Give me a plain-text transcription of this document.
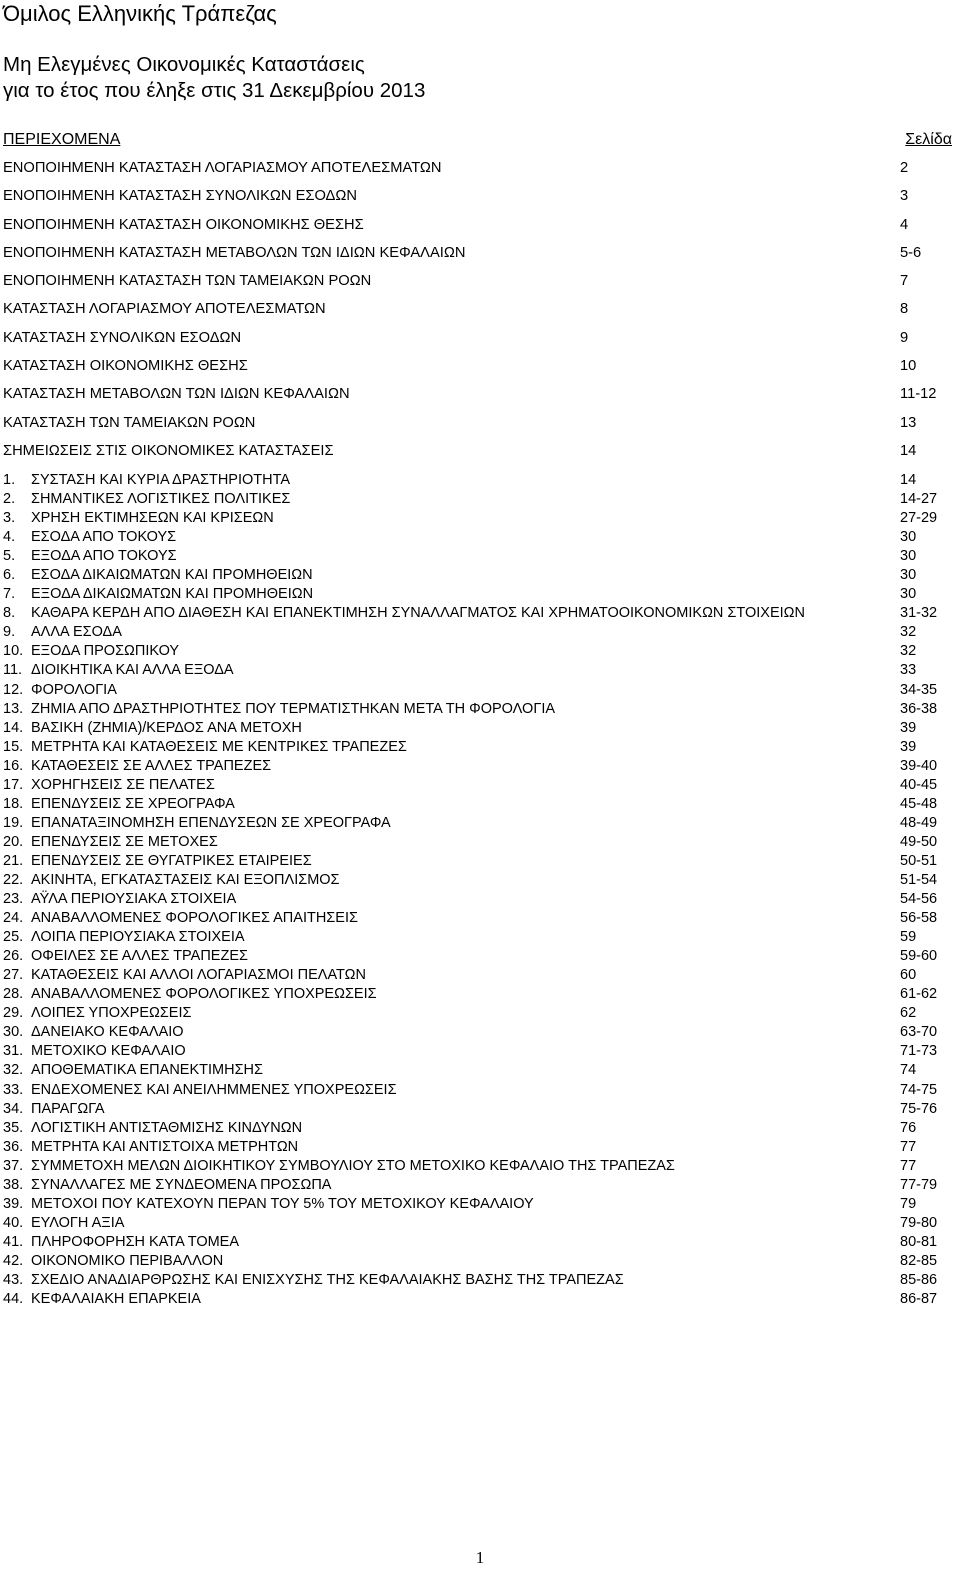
Όμιλος Ελληνικής Τράπεζας
Μη Ελεγμένες Οικονομικές Καταστάσεις
για το έτος που έληξε στις 31 Δεκεμβρίου 2013
ΠΕΡΙΕΧΟΜΕΝΑ	Σελίδα
ΕΝΟΠΟΙΗΜΕΝΗ ΚΑΤΑΣΤΑΣΗ ΛΟΓΑΡΙΑΣΜΟΥ ΑΠΟΤΕΛΕΣΜΑΤΩΝ	2
ΕΝΟΠΟΙΗΜΕΝΗ ΚΑΤΑΣΤΑΣΗ ΣΥΝΟΛΙΚΩΝ ΕΣΟΔΩΝ	3
ΕΝΟΠΟΙΗΜΕΝΗ ΚΑΤΑΣΤΑΣΗ ΟΙΚΟΝΟΜΙΚΗΣ ΘΕΣΗΣ	4
ΕΝΟΠΟΙΗΜΕΝΗ ΚΑΤΑΣΤΑΣΗ ΜΕΤΑΒΟΛΩΝ ΤΩΝ ΙΔΙΩΝ ΚΕΦΑΛΑΙΩΝ	5-6
ΕΝΟΠΟΙΗΜΕΝΗ ΚΑΤΑΣΤΑΣΗ ΤΩΝ ΤΑΜΕΙΑΚΩΝ ΡΟΩΝ	7
ΚΑΤΑΣΤΑΣΗ ΛΟΓΑΡΙΑΣΜΟΥ ΑΠΟΤΕΛΕΣΜΑΤΩΝ	8
ΚΑΤΑΣΤΑΣΗ ΣΥΝΟΛΙΚΩΝ ΕΣΟΔΩΝ	9
ΚΑΤΑΣΤΑΣΗ ΟΙΚΟΝΟΜΙΚΗΣ ΘΕΣΗΣ	10
ΚΑΤΑΣΤΑΣΗ ΜΕΤΑΒΟΛΩΝ ΤΩΝ ΙΔΙΩΝ ΚΕΦΑΛΑΙΩΝ	11-12
ΚΑΤΑΣΤΑΣΗ ΤΩΝ ΤΑΜΕΙΑΚΩΝ ΡΟΩΝ	13
ΣΗΜΕΙΩΣΕΙΣ ΣΤΙΣ ΟΙΚΟΝΟΜΙΚΕΣ ΚΑΤΑΣΤΑΣΕΙΣ	14
1. ΣΥΣΤΑΣΗ ΚΑΙ ΚΥΡΙΑ ΔΡΑΣΤΗΡΙΟΤΗΤΑ	14
2. ΣΗΜΑΝΤΙΚΕΣ ΛΟΓΙΣΤΙΚΕΣ ΠΟΛΙΤΙΚΕΣ	14-27
3. ΧΡΗΣΗ ΕΚΤΙΜΗΣΕΩΝ ΚΑΙ ΚΡΙΣΕΩΝ	27-29
4. ΕΣΟΔΑ ΑΠΟ ΤΟΚΟΥΣ	30
5. ΕΞΟΔΑ ΑΠΟ ΤΟΚΟΥΣ	30
6. ΕΣΟΔΑ ΔΙΚΑΙΩΜΑΤΩΝ ΚΑΙ ΠΡΟΜΗΘΕΙΩΝ	30
7. ΕΞΟΔΑ ΔΙΚΑΙΩΜΑΤΩΝ ΚΑΙ ΠΡΟΜΗΘΕΙΩΝ	30
8. ΚΑΘΑΡΑ ΚΕΡΔΗ ΑΠΟ ΔΙΑΘΕΣΗ ΚΑΙ ΕΠΑΝΕΚΤΙΜΗΣΗ ΣΥΝΑΛΛΑΓΜΑΤΟΣ ΚΑΙ ΧΡΗΜΑΤΟΟΙΚΟΝΟΜΙΚΩΝ ΣΤΟΙΧΕΙΩΝ	31-32
9. ΑΛΛΑ ΕΣΟΔΑ	32
10. ΕΞΟΔΑ ΠΡΟΣΩΠΙΚΟΥ	32
11. ΔΙΟΙΚΗΤΙΚΑ ΚΑΙ ΑΛΛΑ ΕΞΟΔΑ	33
12. ΦΟΡΟΛΟΓΙΑ	34-35
13. ΖΗΜΙΑ ΑΠΟ ΔΡΑΣΤΗΡΙΟΤΗΤΕΣ ΠΟΥ ΤΕΡΜΑΤΙΣΤΗΚΑΝ ΜΕΤΑ ΤΗ ΦΟΡΟΛΟΓΙΑ	36-38
14. ΒΑΣΙΚΗ (ΖΗΜΙΑ)/ΚΕΡΔΟΣ ΑΝΑ ΜΕΤΟΧΗ	39
15. ΜΕΤΡΗΤΑ ΚΑΙ ΚΑΤΑΘΕΣΕΙΣ ΜΕ ΚΕΝΤΡΙΚΕΣ ΤΡΑΠΕΖΕΣ	39
16. ΚΑΤΑΘΕΣΕΙΣ ΣΕ ΑΛΛΕΣ ΤΡΑΠΕΖΕΣ	39-40
17. ΧΟΡΗΓΗΣΕΙΣ ΣΕ ΠΕΛΑΤΕΣ	40-45
18. ΕΠΕΝΔΥΣΕΙΣ ΣΕ ΧΡΕΟΓΡΑΦΑ	45-48
19. ΕΠΑΝΑΤΑΞΙΝΟΜΗΣΗ ΕΠΕΝΔΥΣΕΩΝ ΣΕ ΧΡΕΟΓΡΑΦΑ	48-49
20. ΕΠΕΝΔΥΣΕΙΣ ΣΕ ΜΕΤΟΧΕΣ	49-50
21. ΕΠΕΝΔΥΣΕΙΣ ΣΕ ΘΥΓΑΤΡΙΚΕΣ ΕΤΑΙΡΕΙΕΣ	50-51
22. ΑΚΙΝΗΤΑ, ΕΓΚΑΤΑΣΤΑΣΕΙΣ ΚΑΙ ΕΞΟΠΛΙΣΜΟΣ	51-54
23. ΑΫΛΑ ΠΕΡΙΟΥΣΙΑΚΑ ΣΤΟΙΧΕΙΑ	54-56
24. ΑΝΑΒΑΛΛΟΜΕΝΕΣ ΦΟΡΟΛΟΓΙΚΕΣ ΑΠΑΙΤΗΣΕΙΣ	56-58
25. ΛΟΙΠΑ ΠΕΡΙΟΥΣΙΑΚΑ ΣΤΟΙΧΕΙΑ	59
26. ΟΦΕΙΛΕΣ ΣΕ ΑΛΛΕΣ ΤΡΑΠΕΖΕΣ	59-60
27. ΚΑΤΑΘΕΣΕΙΣ ΚΑΙ ΑΛΛΟΙ ΛΟΓΑΡΙΑΣΜΟΙ ΠΕΛΑΤΩΝ	60
28. ΑΝΑΒΑΛΛΟΜΕΝΕΣ ΦΟΡΟΛΟΓΙΚΕΣ ΥΠΟΧΡΕΩΣΕΙΣ	61-62
29. ΛΟΙΠΕΣ ΥΠΟΧΡΕΩΣΕΙΣ	62
30. ΔΑΝΕΙΑΚΟ ΚΕΦΑΛΑΙΟ	63-70
31. ΜΕΤΟΧΙΚΟ ΚΕΦΑΛΑΙΟ	71-73
32. ΑΠΟΘΕΜΑΤΙΚΑ ΕΠΑΝΕΚΤΙΜΗΣΗΣ	74
33. ΕΝΔΕΧΟΜΕΝΕΣ ΚΑΙ ΑΝΕΙΛΗΜΜΕΝΕΣ ΥΠΟΧΡΕΩΣΕΙΣ	74-75
34. ΠΑΡΑΓΩΓΑ	75-76
35. ΛΟΓΙΣΤΙΚΗ ΑΝΤΙΣΤΑΘΜΙΣΗΣ ΚΙΝΔΥΝΩΝ	76
36. ΜΕΤΡΗΤΑ ΚΑΙ ΑΝΤΙΣΤΟΙΧΑ ΜΕΤΡΗΤΩΝ	77
37. ΣΥΜΜΕΤΟΧΗ ΜΕΛΩΝ ΔΙΟΙΚΗΤΙΚΟΥ ΣΥΜΒΟΥΛΙΟΥ ΣΤΟ ΜΕΤΟΧΙΚΟ ΚΕΦΑΛΑΙΟ ΤΗΣ ΤΡΑΠΕΖΑΣ	77
38. ΣΥΝΑΛΛΑΓΕΣ ΜΕ ΣΥΝΔΕΟΜΕΝΑ ΠΡΟΣΩΠΑ	77-79
39. ΜΕΤΟΧΟΙ ΠΟΥ ΚΑΤΕΧΟΥΝ ΠΕΡΑΝ ΤΟΥ 5% ΤΟΥ ΜΕΤΟΧΙΚΟΥ ΚΕΦΑΛΑΙΟΥ	79
40. ΕΥΛΟΓΗ ΑΞΙΑ	79-80
41. ΠΛΗΡΟΦΟΡΗΣΗ ΚΑΤΑ ΤΟΜΕΑ	80-81
42. ΟΙΚΟΝΟΜΙΚΟ ΠΕΡΙΒΑΛΛΟΝ	82-85
43. ΣΧΕΔΙΟ ΑΝΑΔΙΑΡΘΡΩΣΗΣ ΚΑΙ ΕΝΙΣΧΥΣΗΣ ΤΗΣ ΚΕΦΑΛΑΙΑΚΗΣ ΒΑΣΗΣ ΤΗΣ ΤΡΑΠΕΖΑΣ	85-86
44. ΚΕΦΑΛΑΙΑΚΗ ΕΠΑΡΚΕΙΑ	86-87
1
